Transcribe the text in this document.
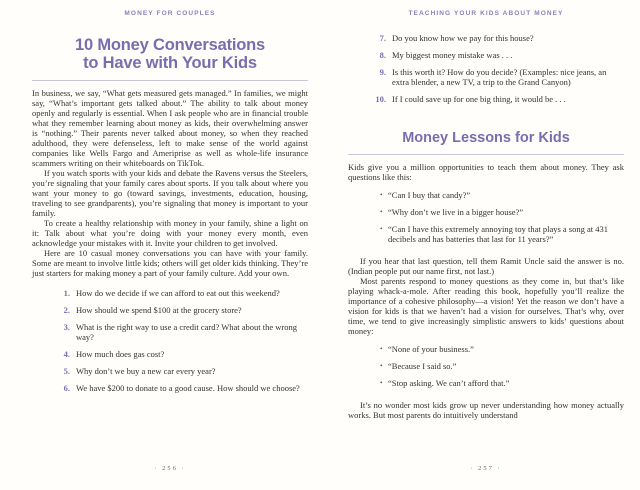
MONEY FOR COUPLES
10 Money Conversations
to Have with Your Kids

In business, we say, “What gets measured gets managed.” In families, we might say, “What’s important gets talked about.” The ability to talk about money openly and regularly is essential. When I ask people who are in financial trouble what they remember learning about money as kids, their overwhelming answer is “nothing.” Their parents never talked about money, so when they reached adulthood, they were defenseless, left to make sense of the world against companies like Wells Fargo and Ameriprise as well as whole-life insurance scammers writing on their whiteboards on TikTok.

If you watch sports with your kids and debate the Ravens versus the Steelers, you’re signaling that your family cares about sports. If you talk about where you want your money to go (toward savings, investments, education, housing, traveling to see grandparents), you’re signaling that money is important to your family.

To create a healthy relationship with money in your family, shine a light on it: Talk about what you’re doing with your money every month, even acknowledge your mistakes with it. Invite your children to get involved.

Here are 10 casual money conversations you can have with your family. Some are meant to involve little kids; others will get older kids thinking. They’re just starters for making money a part of your family culture. Add your own.

1. How do we decide if we can afford to eat out this weekend?
2. How should we spend $100 at the grocery store?
3. What is the right way to use a credit card? What about the wrong way?
4. How much does gas cost?
5. Why don’t we buy a new car every year?
6. We have $200 to donate to a good cause. How should we choose?
· 256 ·
TEACHING YOUR KIDS ABOUT MONEY
7. Do you know how we pay for this house?
8. My biggest money mistake was . . .
9. Is this worth it? How do you decide? (Examples: nice jeans, an extra blender, a new TV, a trip to the Grand Canyon)
10. If I could save up for one big thing, it would be . . .
Money Lessons for Kids

Kids give you a million opportunities to teach them about money. They ask questions like this:

• “Can I buy that candy?”
• “Why don’t we live in a bigger house?”
• “Can I have this extremely annoying toy that plays a song at 431 decibels and has batteries that last for 11 years?”

If you hear that last question, tell them Ramit Uncle said the answer is no. (Indian people put our name first, not last.)

Most parents respond to money questions as they come in, but that’s like playing whack-a-mole. After reading this book, hopefully you’ll realize the importance of a cohesive philosophy—a vision! Yet the reason we don’t have a vision for kids is that we haven’t had a vision for ourselves. That’s why, over time, we tend to give increasingly simplistic answers to kids’ questions about money:

• “None of your business.”
• “Because I said so.”
• “Stop asking. We can’t afford that.”

It’s no wonder most kids grow up never understanding how money actually works. But most parents do intuitively understand

· 257 ·
